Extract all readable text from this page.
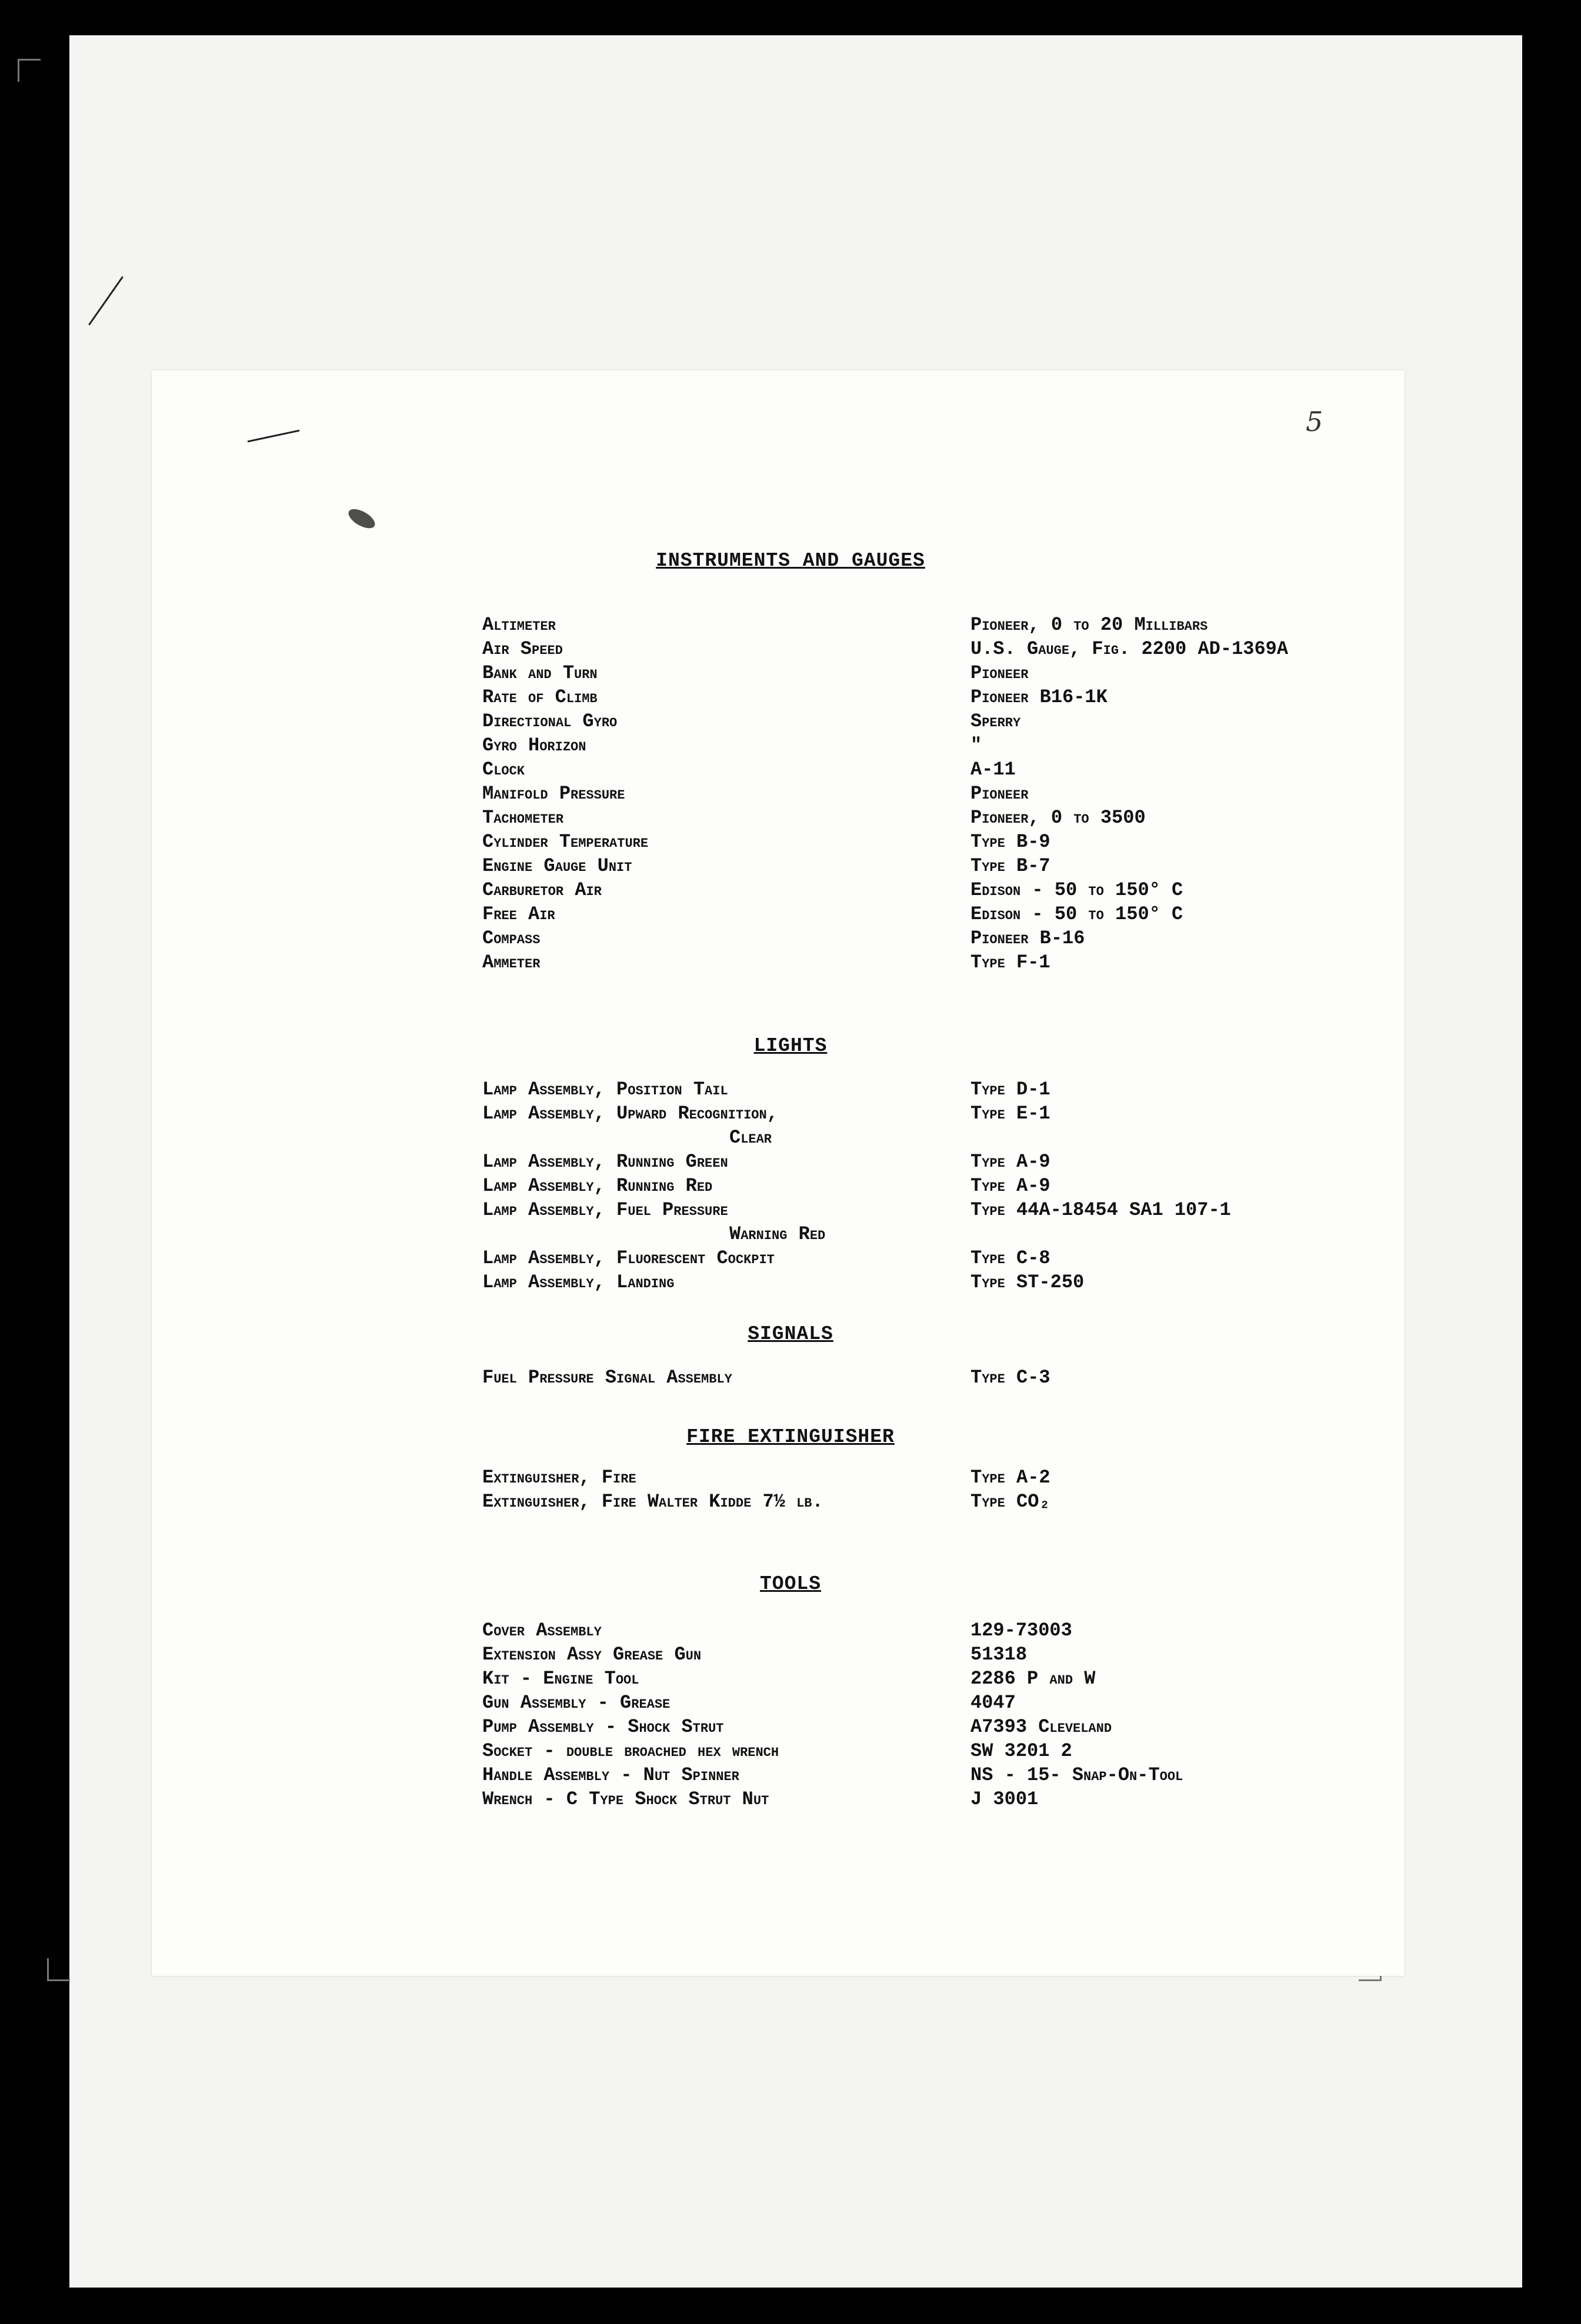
5
INSTRUMENTS AND GAUGES
Altimeter	Pioneer, 0 to 20 Millibars
Air Speed	U.S. Gauge, Fig. 2200 AD-1369A
Bank and Turn	Pioneer
Rate of Climb	Pioneer B16-1K
Directional Gyro	Sperry
Gyro Horizon	"
Clock	A-11
Manifold Pressure	Pioneer
Tachometer	Pioneer, 0 to 3500
Cylinder Temperature	Type B-9
Engine Gauge Unit	Type B-7
Carburetor Air	Edison - 50 to 150° C
Free Air	Edison - 50 to 150° C
Compass	Pioneer B-16
Ammeter	Type F-1
LIGHTS
Lamp Assembly, Position Tail	Type D-1
Lamp Assembly, Upward Recognition,	Type E-1
Clear
Lamp Assembly, Running Green	Type A-9
Lamp Assembly, Running Red	Type A-9
Lamp Assembly, Fuel Pressure	Type 44A-18454 SA1 107-1
Warning Red
Lamp Assembly, Fluorescent Cockpit	Type C-8
Lamp Assembly, Landing	Type ST-250
SIGNALS
Fuel Pressure Signal Assembly	Type C-3
FIRE EXTINGUISHER
Extinguisher, Fire	Type A-2
Extinguisher, Fire Walter Kidde 7½ lb.	Type CO₂
TOOLS
Cover Assembly	129-73003
Extension Assy Grease Gun	51318
Kit - Engine Tool	2286 P and W
Gun Assembly - Grease	4047
Pump Assembly - Shock Strut	A7393 Cleveland
Socket - double broached hex wrench	SW 3201 2
Handle Assembly - Nut Spinner	NS - 15- Snap-On-Tool
Wrench - C Type Shock Strut Nut	J 3001
